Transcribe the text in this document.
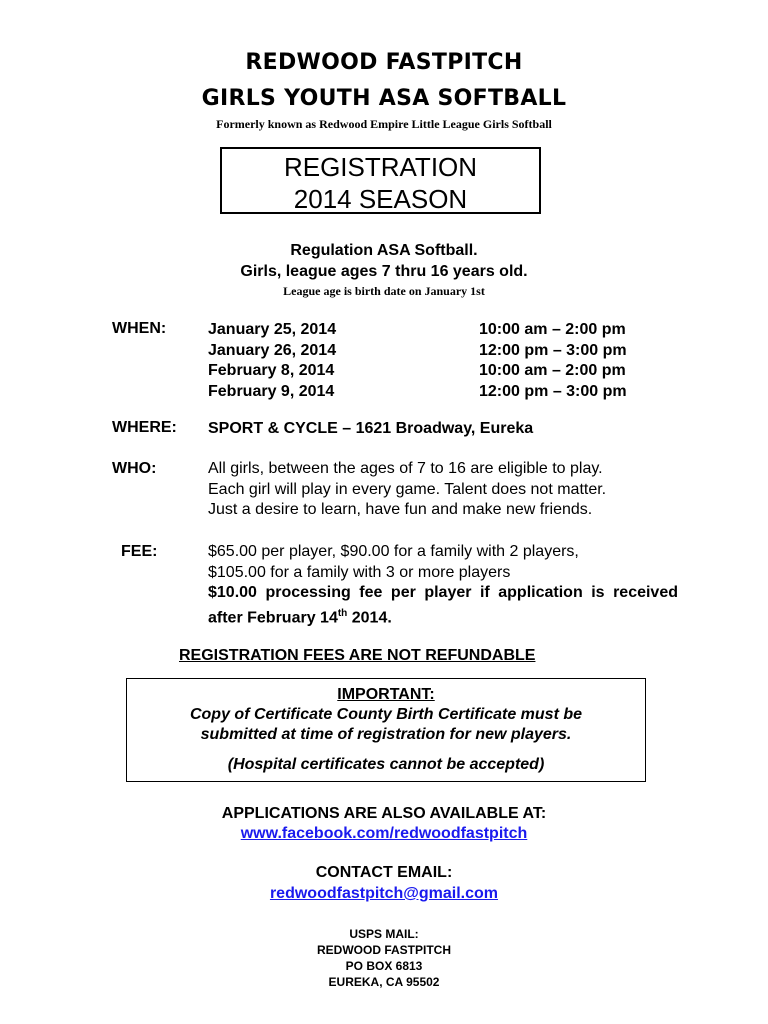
REDWOOD FASTPITCH
GIRLS YOUTH ASA SOFTBALL
Formerly known as Redwood Empire Little League Girls Softball
REGISTRATION
2014 SEASON
Regulation ASA Softball.
Girls, league ages 7 thru 16 years old.
League age is birth date on January 1st
WHEN:	January 25, 2014	10:00 am – 2:00 pm
January 26, 2014	12:00 pm – 3:00 pm
February 8, 2014	10:00 am – 2:00 pm
February 9, 2014	12:00 pm – 3:00 pm
WHERE: SPORT & CYCLE – 1621 Broadway, Eureka
WHO:	All girls, between the ages of 7 to 16 are eligible to play.
Each girl will play in every game. Talent does not matter.
Just a desire to learn, have fun and make new friends.
FEE:	$65.00 per player, $90.00 for a family with 2 players,
$105.00 for a family with 3 or more players
$10.00 processing fee per player if application is received after February 14th 2014.
REGISTRATION FEES ARE NOT REFUNDABLE
IMPORTANT:
Copy of Certificate County Birth Certificate must be
submitted at time of registration for new players.
(Hospital certificates cannot be accepted)
APPLICATIONS ARE ALSO AVAILABLE AT:
www.facebook.com/redwoodfastpitch
CONTACT EMAIL:
redwoodfastpitch@gmail.com
USPS MAIL:
REDWOOD FASTPITCH
PO BOX 6813
EUREKA, CA 95502
